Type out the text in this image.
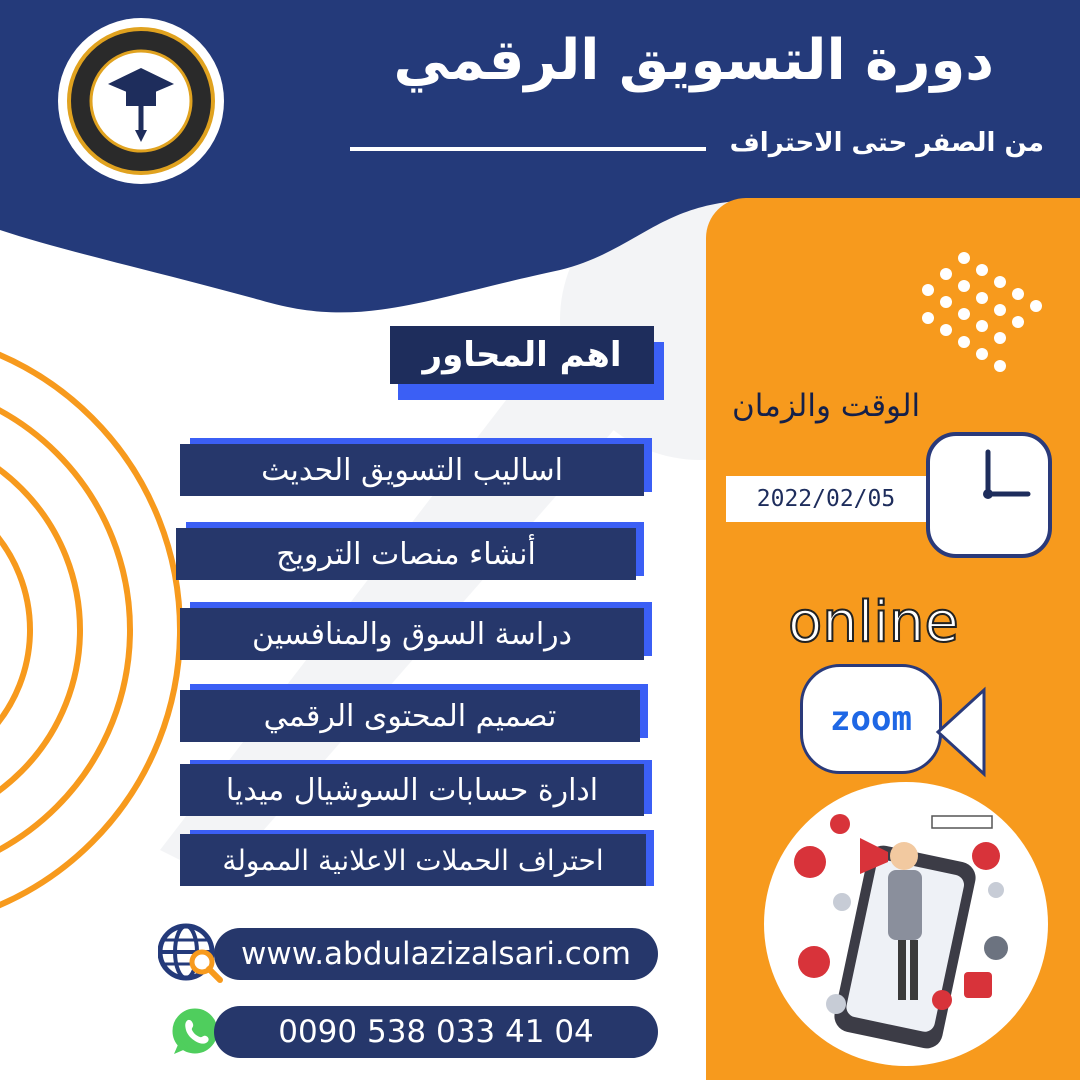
دورة التسويق الرقمي
من الصفر حتى الاحتراف
اهم المحاور
اساليب التسويق الحديث
أنشاء منصات الترويج
دراسة السوق والمنافسين
تصميم المحتوى الرقمي
ادارة حسابات السوشيال ميديا
احتراف الحملات الاعلانية الممولة
الوقت والزمان
2022/02/05
online
zoom
www.abdulazizalsari.com
0090 538 033 41 04
